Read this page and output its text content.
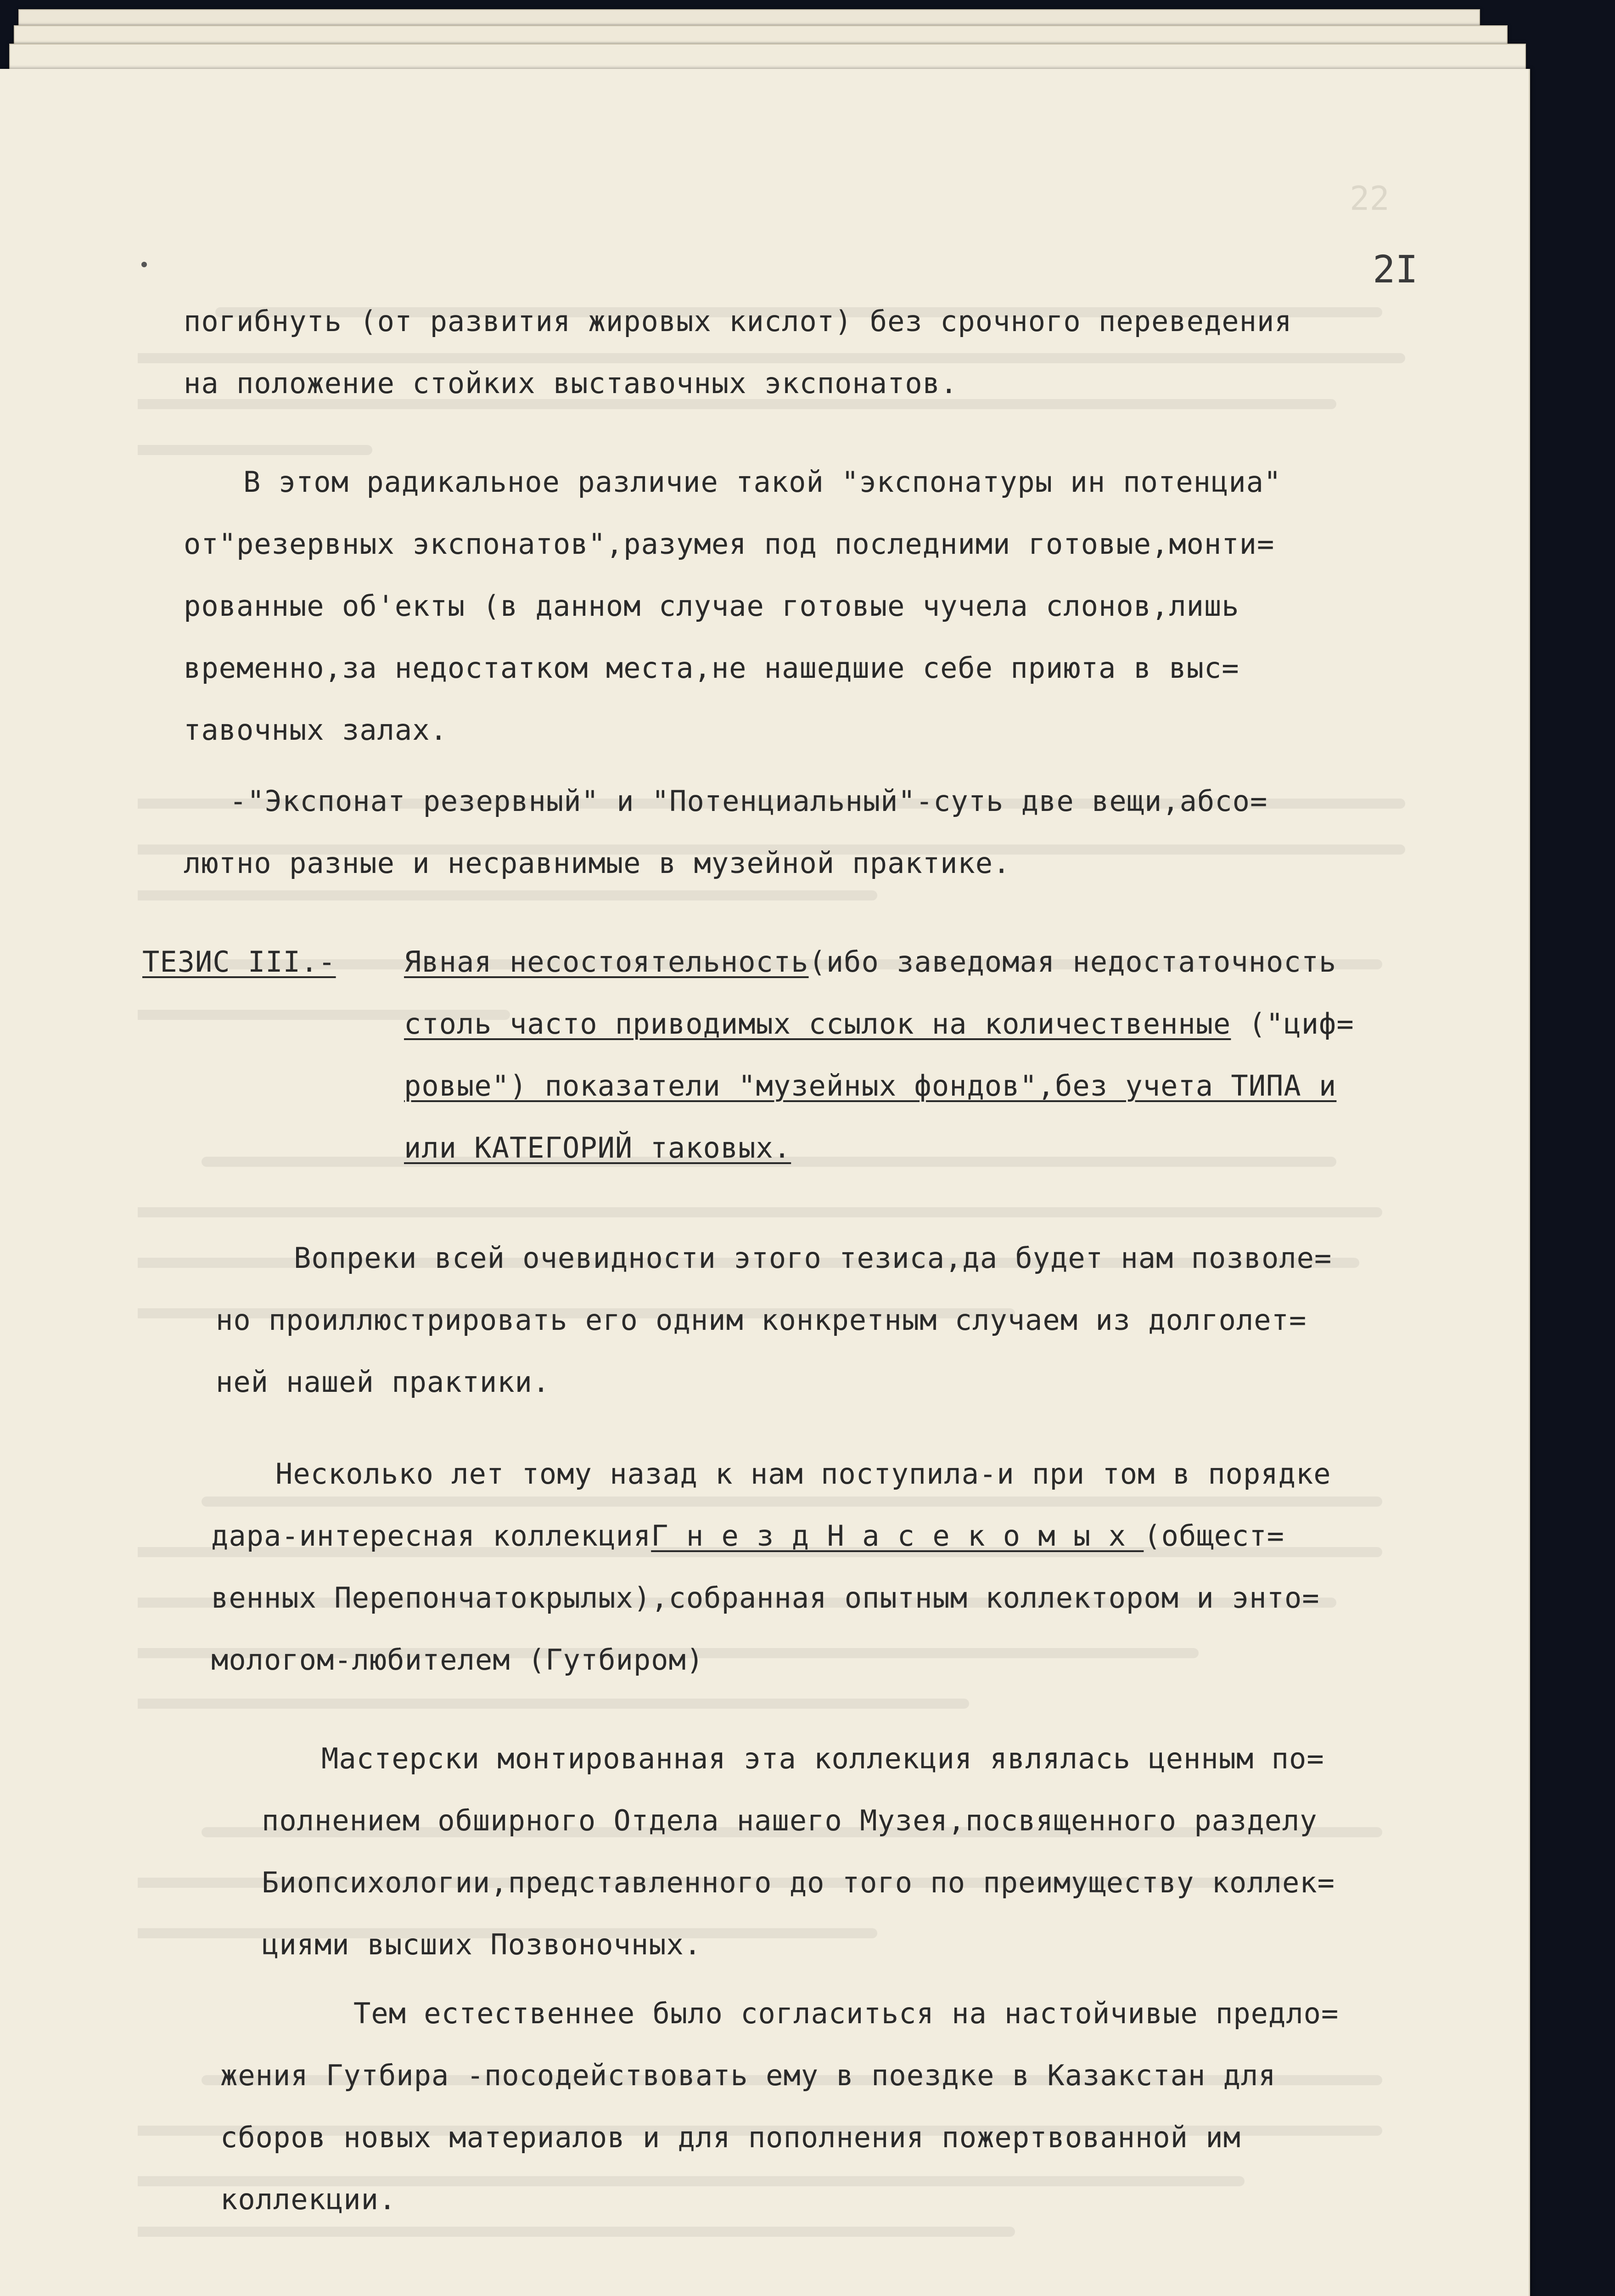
22
2I
погибнуть (от развития жировых кислот) без срочного переведения
на положение стойких выставочных экспонатов.
В этом радикальное различие такой "экспонатуры ин потенциа"
от"резервных экспонатов",разумея под последними готовые,монти=
рованные об'екты (в данном случае готовые чучела слонов,лишь
временно,за недостатком места,не нашедшие себе приюта в выс=
тавочных залах.
-"Экспонат резервный" и "Потенциальный"-суть две вещи,абсо=
лютно разные и несравнимые в музейной практике.
ТЕЗИС III.- Явная несостоятельность(ибо заведомая недостаточность
столь часто приводимых ссылок на количественные ("циф=
ровые") показатели "музейных фондов",без учета ТИПА и
или КАТЕГОРИЙ таковых.
Вопреки всей очевидности этого тезиса,да будет нам позволе=
но проиллюстрировать его одним конкретным случаем из долголет=
ней нашей практики.
Несколько лет тому назад к нам поступила-и при том в порядке
дара-интересная коллекцияГ н е з д Н а с е к о м ы х (общест=
венных Перепончатокрылых),собранная опытным коллектором и энто=
мологом-любителем (Гутбиром)
Мастерски монтированная эта коллекция являлась ценным по=
полнением обширного Отдела нашего Музея,посвященного разделу
Биопсихологии,представленного до того по преимуществу коллек=
циями высших Позвоночных.
Тем естественнее было согласиться на настойчивые предло=
жения Гутбира -посодействовать ему в поездке в Казакстан для
сборов новых материалов и для пополнения пожертвованной им
коллекции.
